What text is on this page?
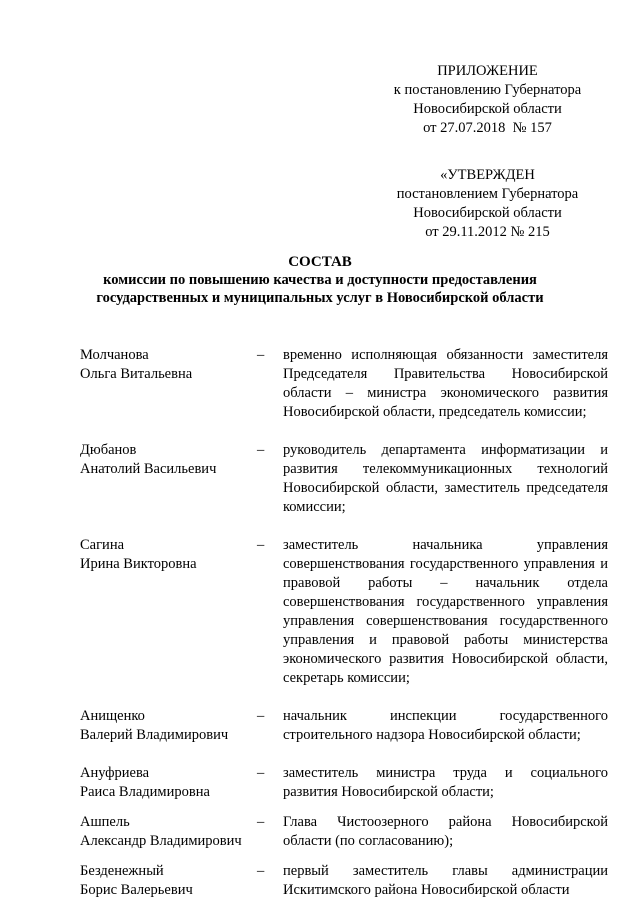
ПРИЛОЖЕНИЕ
к постановлению Губернатора
Новосибирской области
от 27.07.2018  № 157
«УТВЕРЖДЕН
постановлением Губернатора
Новосибирской области
от 29.11.2012 № 215
СОСТАВ
комиссии по повышению качества и доступности предоставления
государственных и муниципальных услуг в Новосибирской области
Молчанова
Ольга Витальевна
–	временно исполняющая обязанности заместителя Председателя Правительства Новосибирской области – министра экономического развития Новосибирской области, председатель комиссии;
Дюбанов
Анатолий Васильевич
–	руководитель департамента информатизации и развития телекоммуникационных технологий Новосибирской области, заместитель председателя комиссии;
Сагина
Ирина Викторовна
–	заместитель начальника управления совершенствования государственного управления и правовой работы – начальник отдела совершенствования государственного управления управления совершенствования государственного управления и правовой работы министерства экономического развития Новосибирской области, секретарь комиссии;
Анищенко
Валерий Владимирович
–	начальник инспекции государственного строительного надзора Новосибирской области;
Ануфриева
Раиса Владимировна
–	заместитель министра труда и социального развития Новосибирской области;
Ашпель
Александр Владимирович
–	Глава Чистоозерного района Новосибирской области (по согласованию);
Безденежный
Борис Валерьевич
–	первый заместитель главы администрации Искитимского района Новосибирской области
